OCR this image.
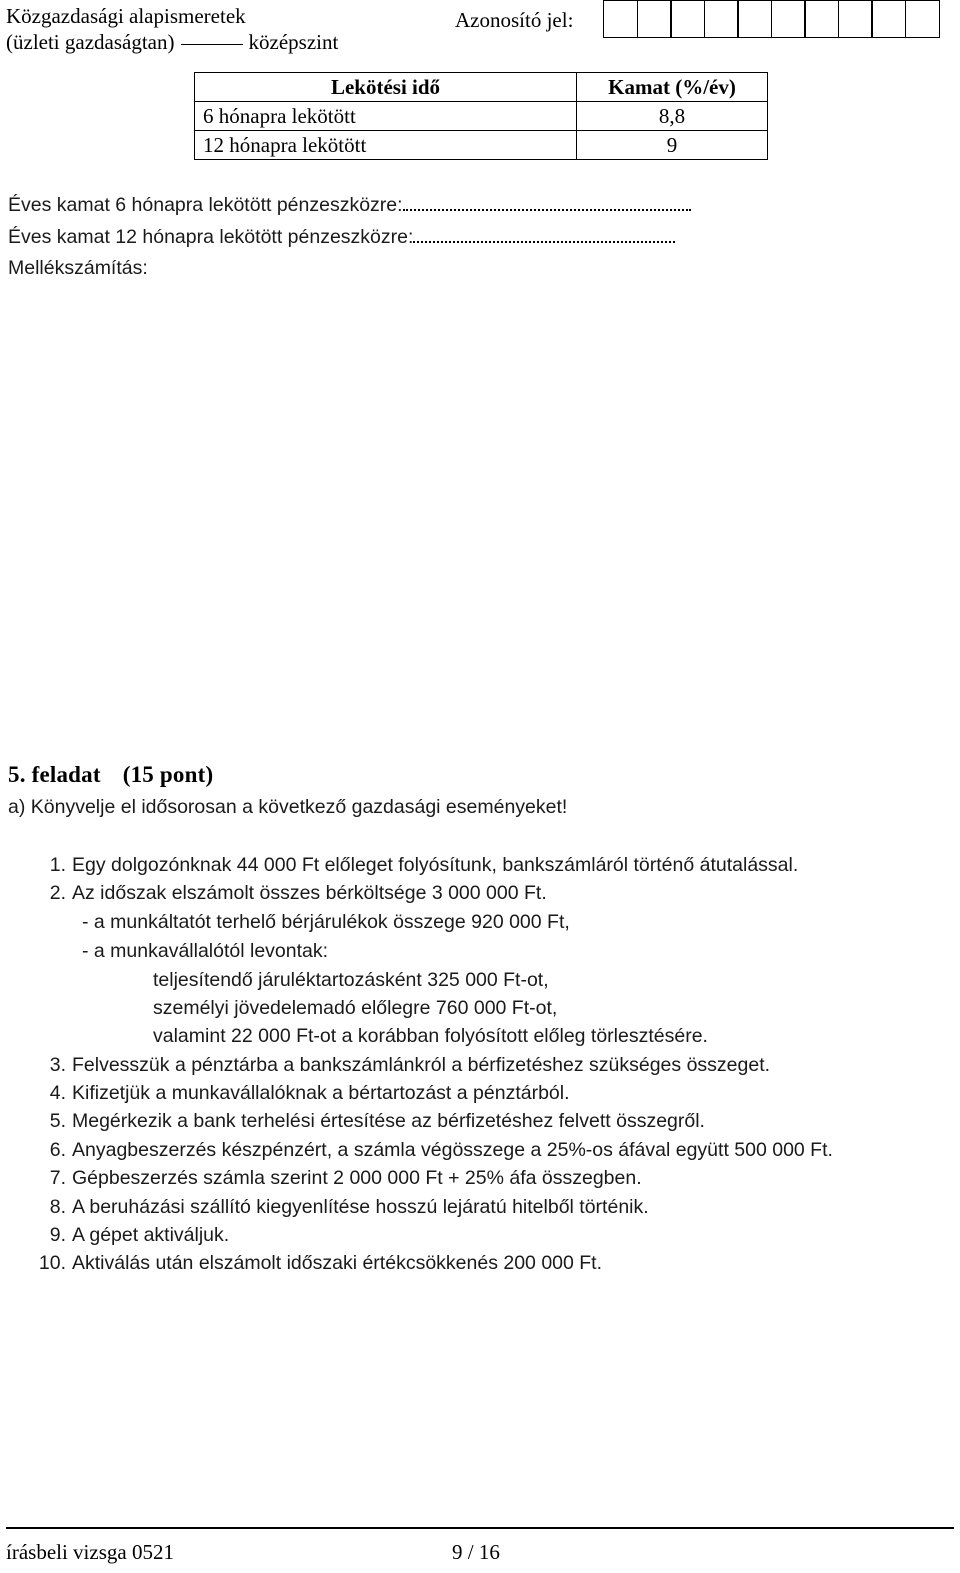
Közgazdasági alapismeretek
(üzleti gazdaságtan)	középszint
Azonosító jel:
Lekötési idő	Kamat (%/év)
6 hónapra lekötött	8,8
12 hónapra lekötött	9
Éves kamat 6 hónapra lekötött pénzeszközre:
Éves kamat 12 hónapra lekötött pénzeszközre:
Mellékszámítás:
5. feladat (15 pont)
a) Könyvelje el idősorosan a következő gazdasági eseményeket!
1. Egy dolgozónknak 44 000 Ft előleget folyósítunk, bankszámláról történő átutalással.
2. Az időszak elszámolt összes bérköltsége 3 000 000 Ft.
- a munkáltatót terhelő bérjárulékok összege 920 000 Ft,
- a munkavállalótól levontak:
teljesítendő járuléktartozásként 325 000 Ft-ot,
személyi jövedelemadó előlegre 760 000 Ft-ot,
valamint 22 000 Ft-ot a korábban folyósított előleg törlesztésére.
3. Felvesszük a pénztárba a bankszámlánkról a bérfizetéshez szükséges összeget.
4. Kifizetjük a munkavállalóknak a bértartozást a pénztárból.
5. Megérkezik a bank terhelési értesítése az bérfizetéshez felvett összegről.
6. Anyagbeszerzés készpénzért, a számla végösszege a 25%-os áfával együtt 500 000 Ft.
7. Gépbeszerzés számla szerint 2 000 000 Ft + 25% áfa összegben.
8. A beruházási szállító kiegyenlítése hosszú lejáratú hitelből történik.
9. A gépet aktiváljuk.
10. Aktiválás után elszámolt időszaki értékcsökkenés 200 000 Ft.
írásbeli vizsga 0521	9 / 16
